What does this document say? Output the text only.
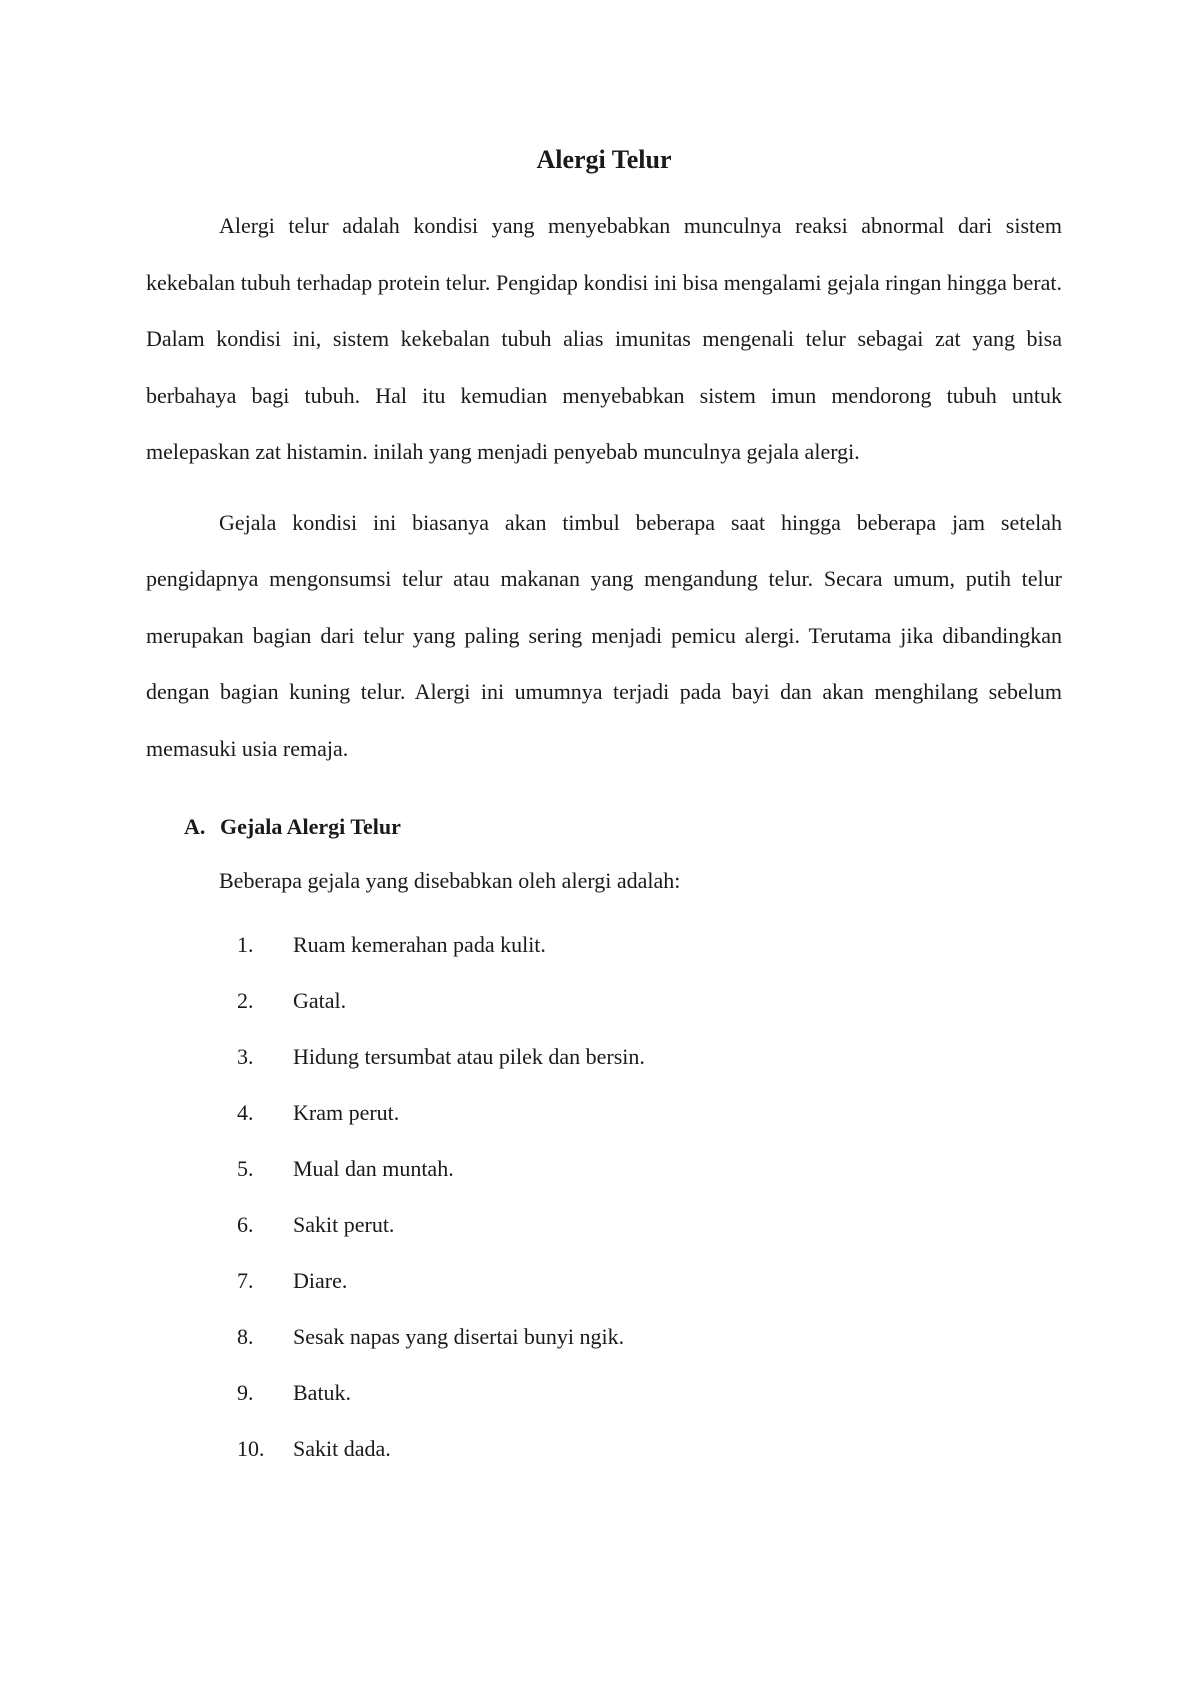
Alergi Telur

Alergi telur adalah kondisi yang menyebabkan munculnya reaksi abnormal dari sistem kekebalan tubuh terhadap protein telur. Pengidap kondisi ini bisa mengalami gejala ringan hingga berat. Dalam kondisi ini, sistem kekebalan tubuh alias imunitas mengenali telur sebagai zat yang bisa berbahaya bagi tubuh. Hal itu kemudian menyebabkan sistem imun mendorong tubuh untuk melepaskan zat histamin. inilah yang menjadi penyebab munculnya gejala alergi.

Gejala kondisi ini biasanya akan timbul beberapa saat hingga beberapa jam setelah pengidapnya mengonsumsi telur atau makanan yang mengandung telur. Secara umum, putih telur merupakan bagian dari telur yang paling sering menjadi pemicu alergi. Terutama jika dibandingkan dengan bagian kuning telur. Alergi ini umumnya terjadi pada bayi dan akan menghilang sebelum memasuki usia remaja.

A. Gejala Alergi Telur
Beberapa gejala yang disebabkan oleh alergi adalah:
1.	Ruam kemerahan pada kulit.
2.	Gatal.
3.	Hidung tersumbat atau pilek dan bersin.
4.	Kram perut.
5.	Mual dan muntah.
6.	Sakit perut.
7.	Diare.
8.	Sesak napas yang disertai bunyi ngik.
9.	Batuk.
10.	Sakit dada.
